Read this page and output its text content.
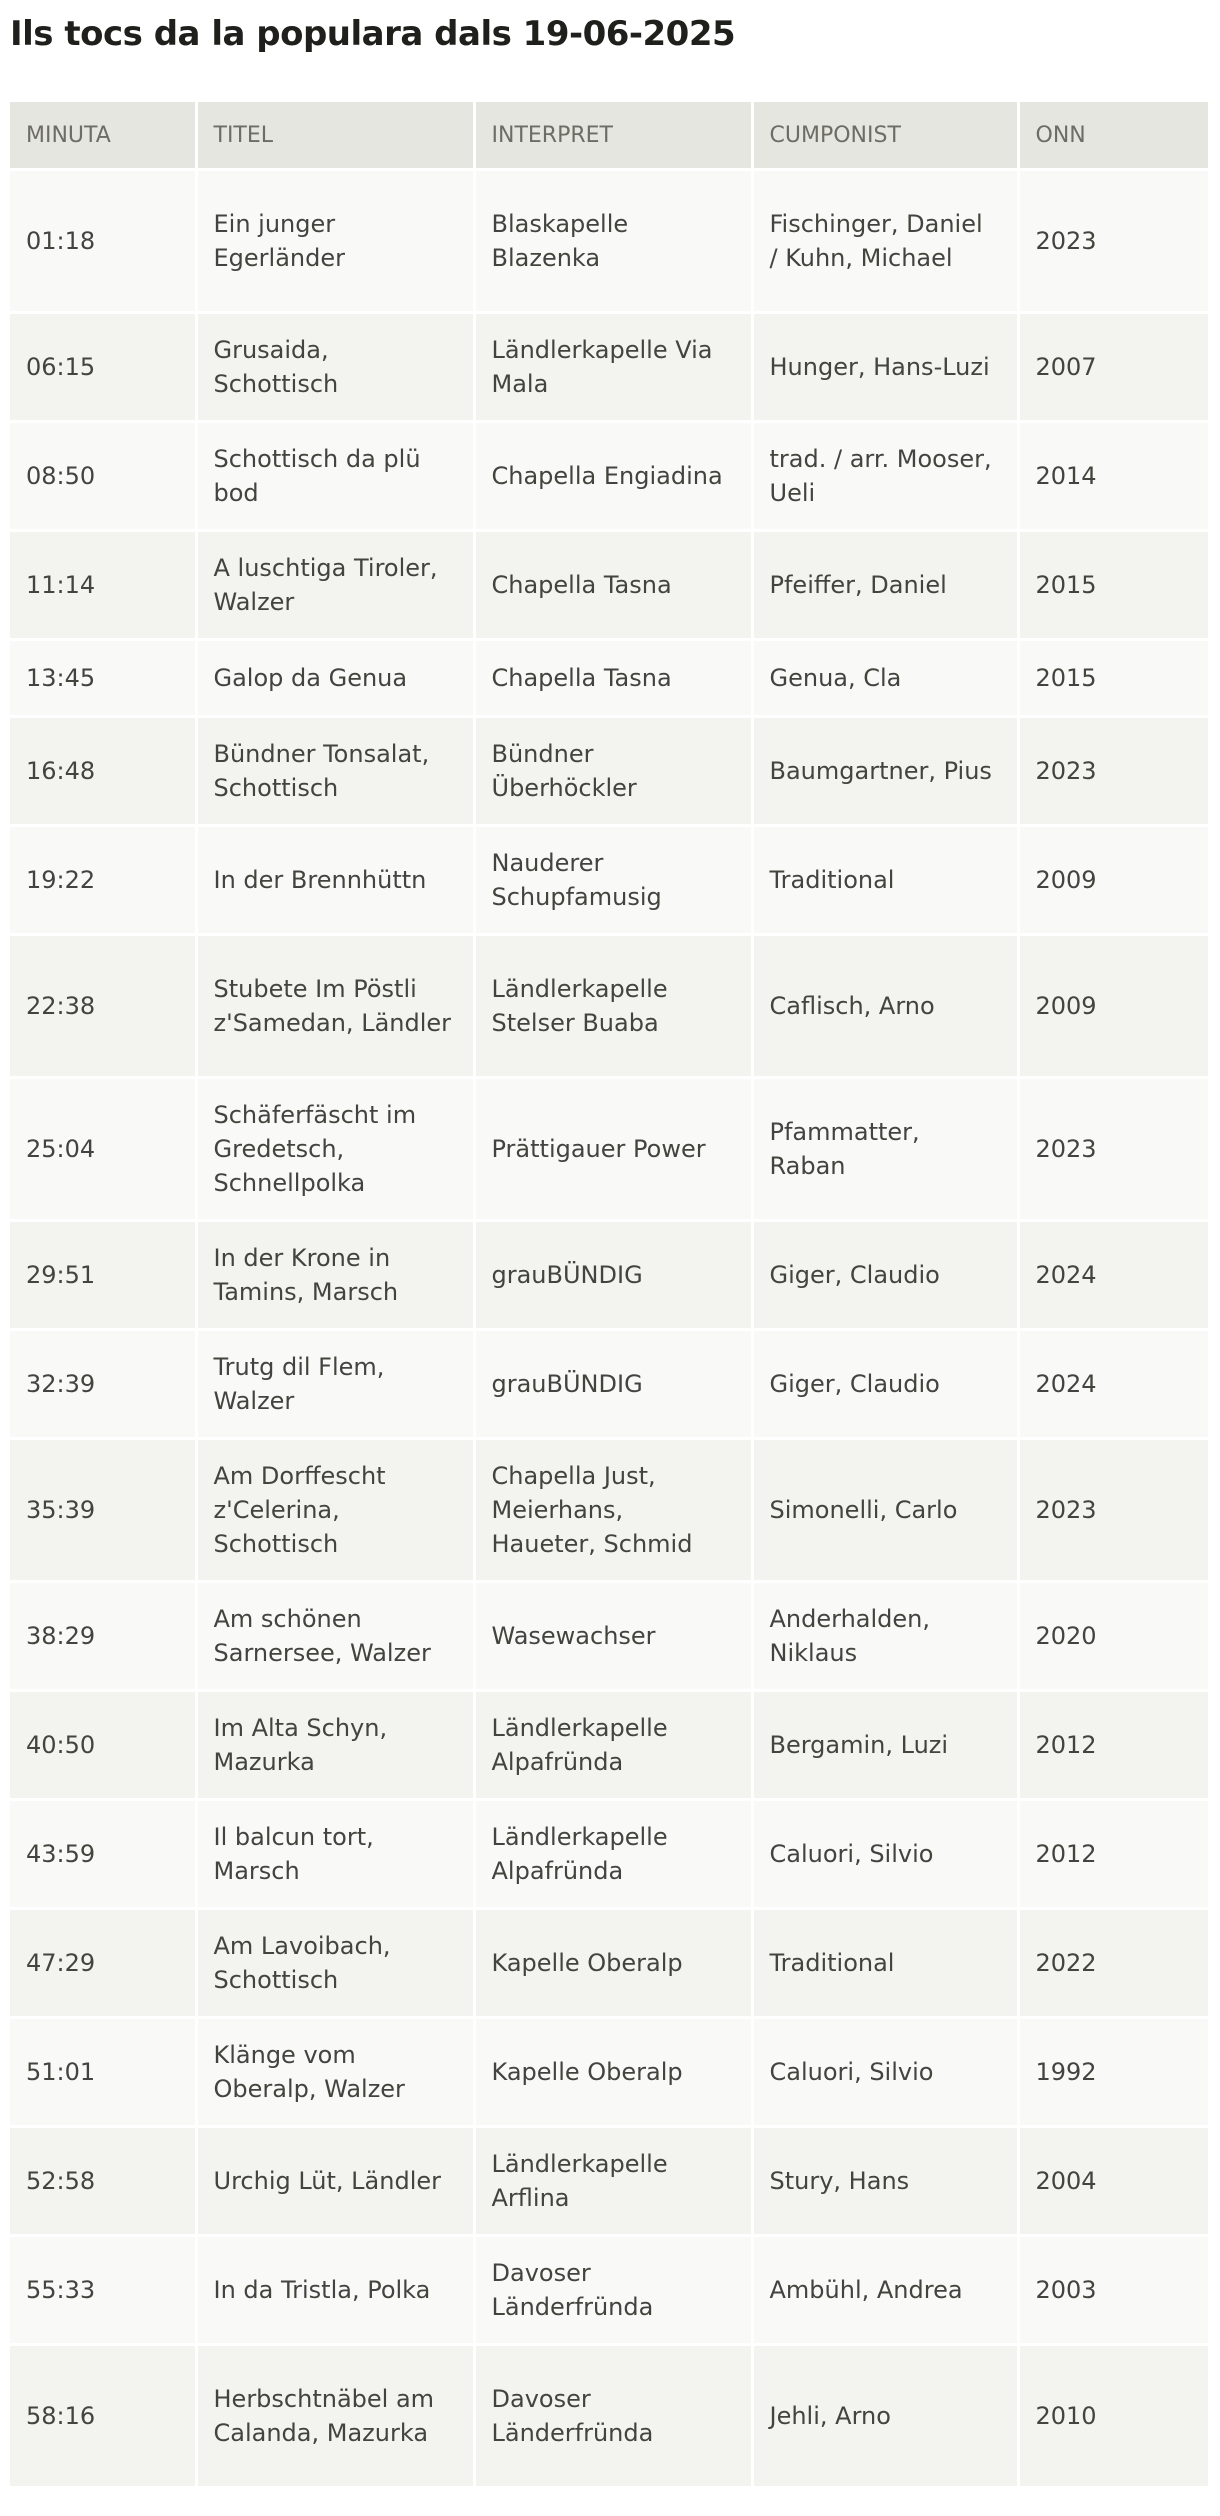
Ils tocs da la populara dals 19-06-2025
MINUTA	TITEL	INTERPRET	CUMPONIST	ONN
01:18	Ein junger Egerländer	Blaskapelle Blazenka	Fischinger, Daniel / Kuhn, Michael	2023
06:15	Grusaida, Schottisch	Ländlerkapelle Via Mala	Hunger, Hans-Luzi	2007
08:50	Schottisch da plü bod	Chapella Engiadina	trad. / arr. Mooser, Ueli	2014
11:14	A luschtiga Tiroler, Walzer	Chapella Tasna	Pfeiffer, Daniel	2015
13:45	Galop da Genua	Chapella Tasna	Genua, Cla	2015
16:48	Bündner Tonsalat, Schottisch	Bündner Überhöckler	Baumgartner, Pius	2023
19:22	In der Brennhüttn	Nauderer Schupfamusig	Traditional	2009
22:38	Stubete Im Pöstli z'Samedan, Ländler	Ländlerkapelle Stelser Buaba	Caflisch, Arno	2009
25:04	Schäferfäscht im Gredetsch, Schnellpolka	Prättigauer Power	Pfammatter, Raban	2023
29:51	In der Krone in Tamins, Marsch	grauBÜNDIG	Giger, Claudio	2024
32:39	Trutg dil Flem, Walzer	grauBÜNDIG	Giger, Claudio	2024
35:39	Am Dorffescht z'Celerina, Schottisch	Chapella Just, Meierhans, Haueter, Schmid	Simonelli, Carlo	2023
38:29	Am schönen Sarnersee, Walzer	Wasewachser	Anderhalden, Niklaus	2020
40:50	Im Alta Schyn, Mazurka	Ländlerkapelle Alpafründa	Bergamin, Luzi	2012
43:59	Il balcun tort, Marsch	Ländlerkapelle Alpafründa	Caluori, Silvio	2012
47:29	Am Lavoibach, Schottisch	Kapelle Oberalp	Traditional	2022
51:01	Klänge vom Oberalp, Walzer	Kapelle Oberalp	Caluori, Silvio	1992
52:58	Urchig Lüt, Ländler	Ländlerkapelle Arflina	Stury, Hans	2004
55:33	In da Tristla, Polka	Davoser Länderfründa	Ambühl, Andrea	2003
58:16	Herbschtnäbel am Calanda, Mazurka	Davoser Länderfründa	Jehli, Arno	2010
